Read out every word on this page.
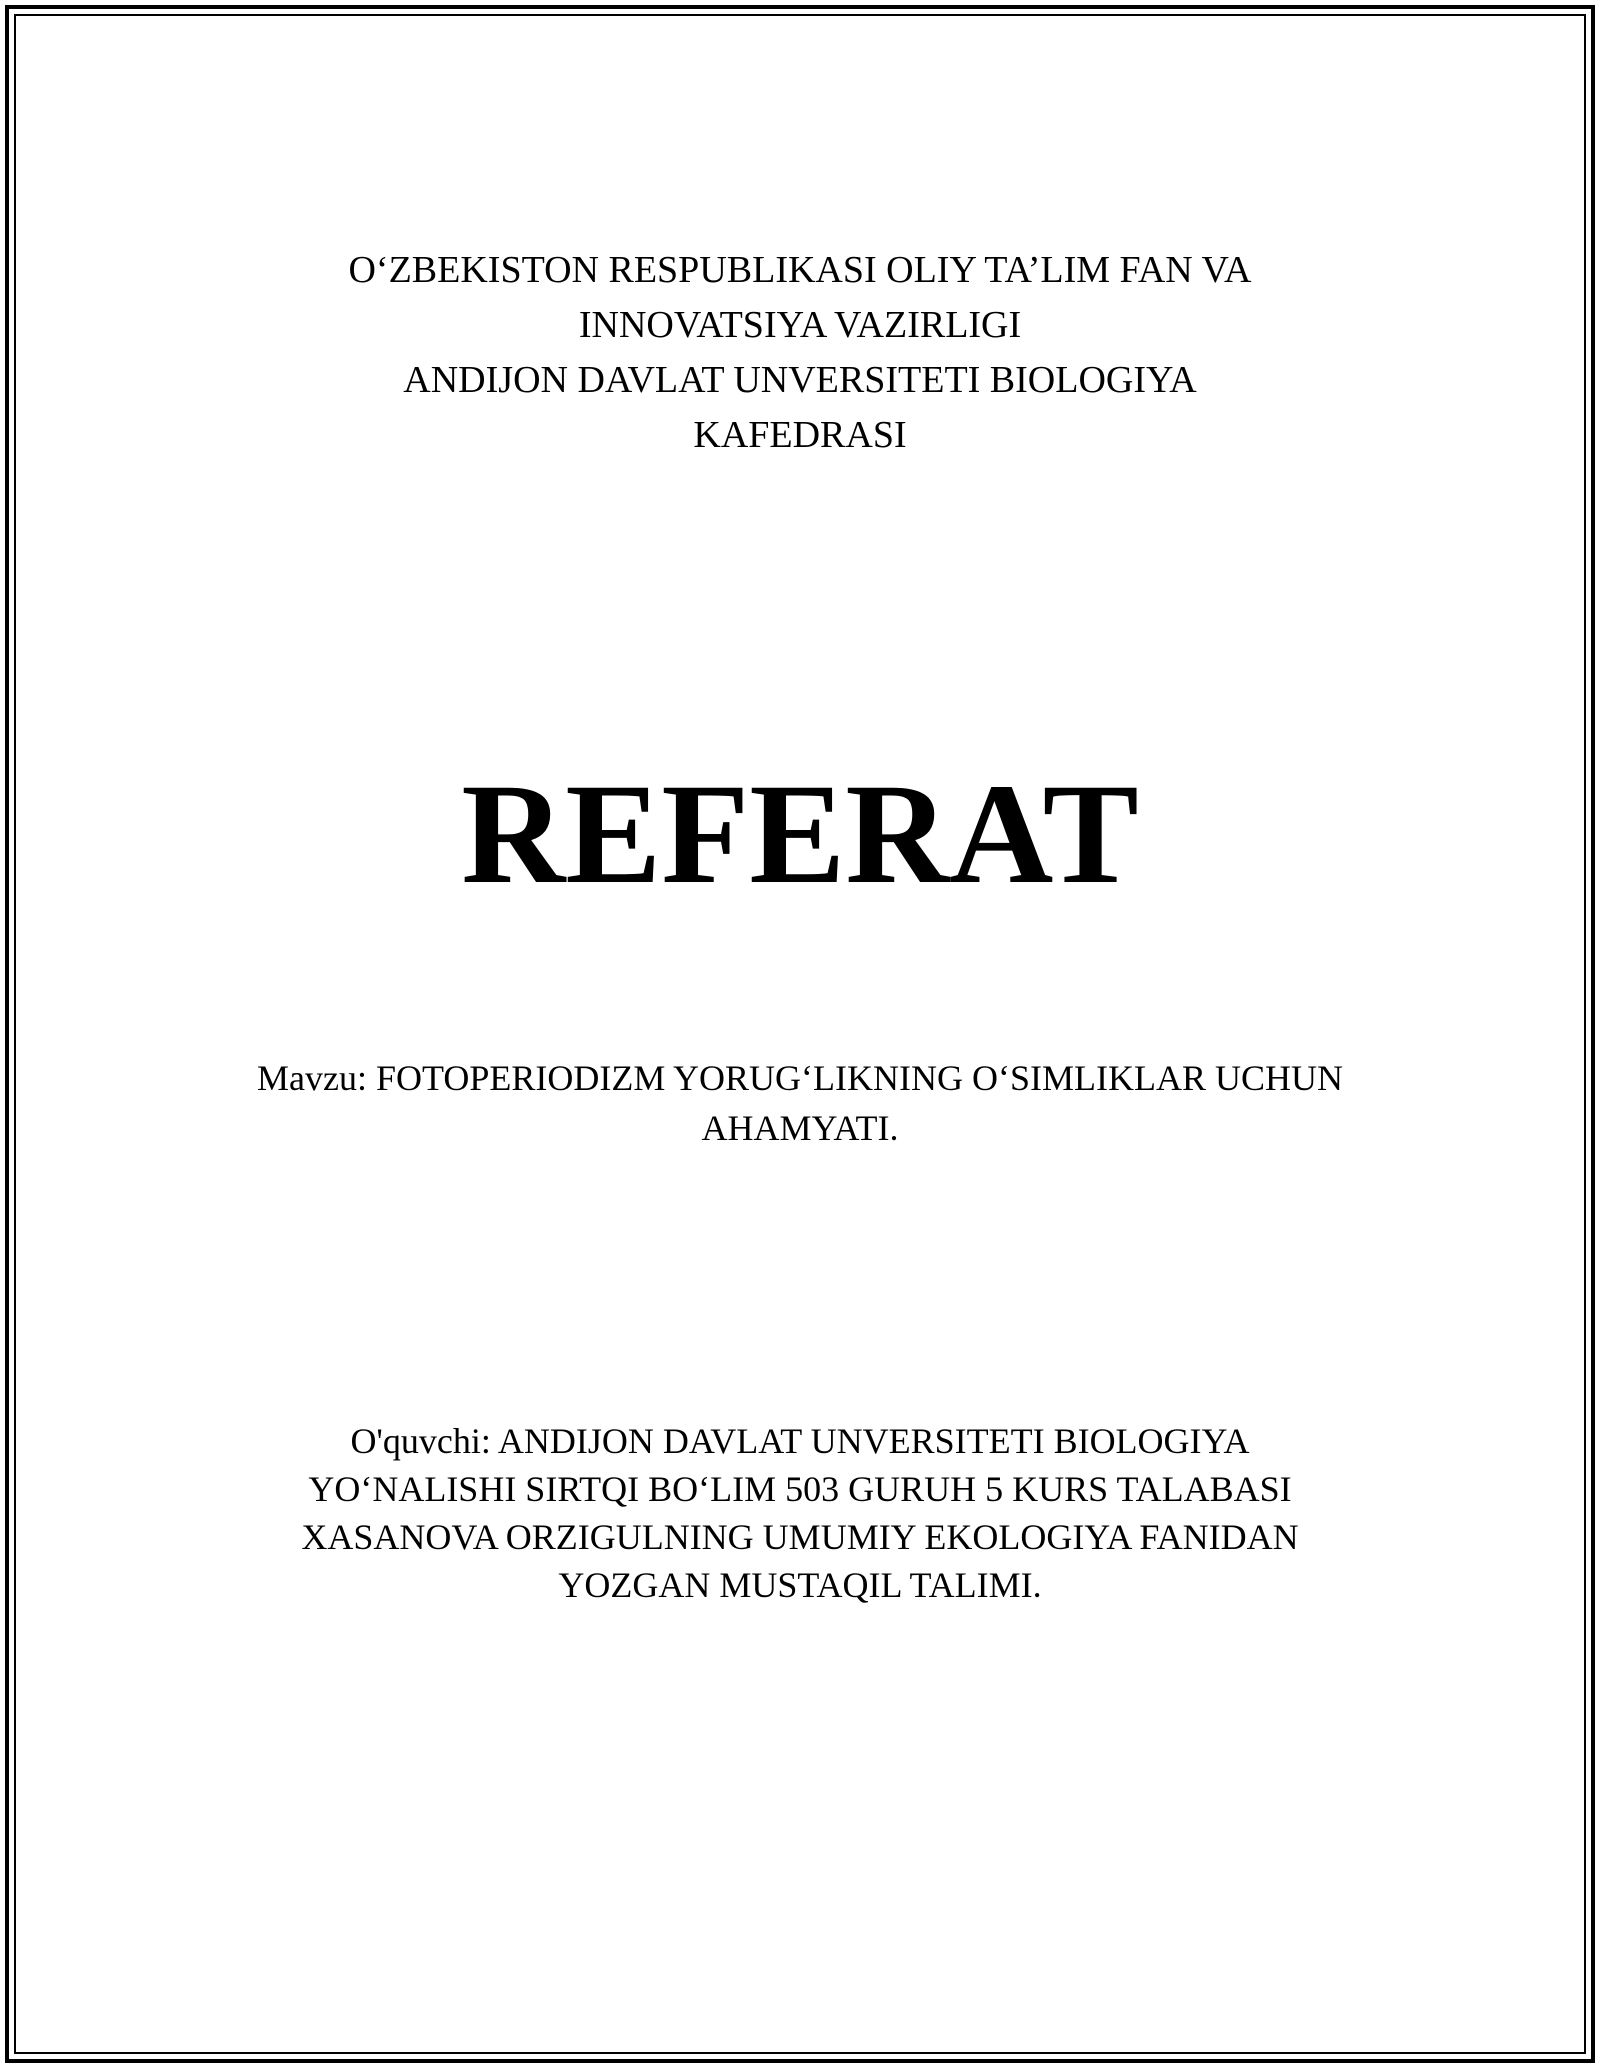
O‘ZBEKISTON RESPUBLIKASI OLIY TA’LIM FAN VA
INNOVATSIYA VAZIRLIGI
ANDIJON DAVLAT UNVERSITETI BIOLOGIYA
KAFEDRASI
REFERAT
Mavzu: FOTOPERIODIZM YORUG‘LIKNING O‘SIMLIKLAR UCHUN
AHAMYATI.
O'quvchi: ANDIJON DAVLAT UNVERSITETI BIOLOGIYA
YO‘NALISHI SIRTQI BO‘LIM 503 GURUH 5 KURS TALABASI
XASANOVA ORZIGULNING UMUMIY EKOLOGIYA FANIDAN
YOZGAN MUSTAQIL TALIMI.
